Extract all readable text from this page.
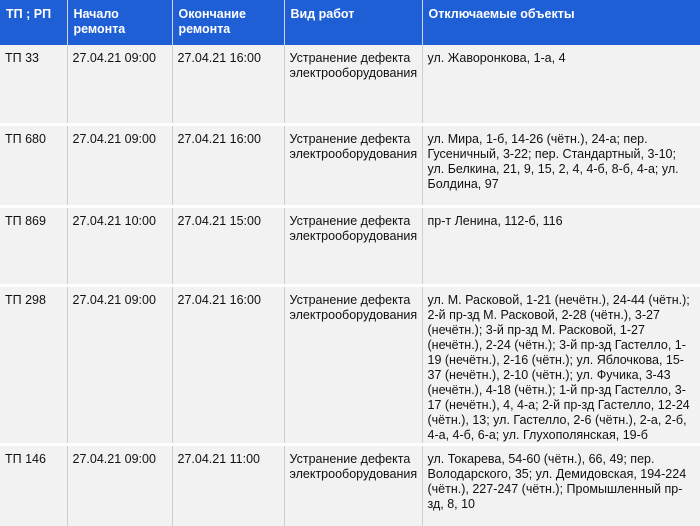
ТП ; РП	Начало ремонта	Окончание ремонта	Вид работ	Отключаемые объекты
ТП 33	27.04.21 09:00	27.04.21 16:00	Устранение дефекта электрооборудования	ул. Жаворонкова, 1-а, 4
ТП 680	27.04.21 09:00	27.04.21 16:00	Устранение дефекта электрооборудования	ул. Мира, 1-б, 14-26 (чётн.), 24-а; пер. Гусеничный, 3-22; пер. Стандартный, 3-10; ул. Белкина, 21, 9, 15, 2, 4, 4-б, 8-б, 4-а; ул. Болдина, 97
ТП 869	27.04.21 10:00	27.04.21 15:00	Устранение дефекта электрооборудования	пр-т Ленина, 112-б, 116
ТП 298	27.04.21 09:00	27.04.21 16:00	Устранение дефекта электрооборудования	ул. М. Расковой, 1-21 (нечётн.), 24-44 (чётн.); 2-й пр-зд М. Расковой, 2-28 (чётн.), 3-27 (нечётн.); 3-й пр-зд М. Расковой, 1-27 (нечётн.), 2-24 (чётн.); 3-й пр-зд Гастелло, 1-19 (нечётн.), 2-16 (чётн.); ул. Яблочкова, 15-37 (нечётн.), 2-10 (чётн.); ул. Фучика, 3-43 (нечётн.), 4-18 (чётн.); 1-й пр-зд Гастелло, 3-17 (нечётн.), 4, 4-а; 2-й пр-зд Гастелло, 12-24 (чётн.), 13; ул. Гастелло, 2-6 (чётн.), 2-а, 2-б, 4-а, 4-б, 6-а; ул. Глухополянская, 19-б
ТП 146	27.04.21 09:00	27.04.21 11:00	Устранение дефекта электрооборудования	ул. Токарева, 54-60 (чётн.), 66, 49; пер. Володарского, 35; ул. Демидовская, 194-224 (чётн.), 227-247 (чётн.); Промышленный пр-зд, 8, 10
